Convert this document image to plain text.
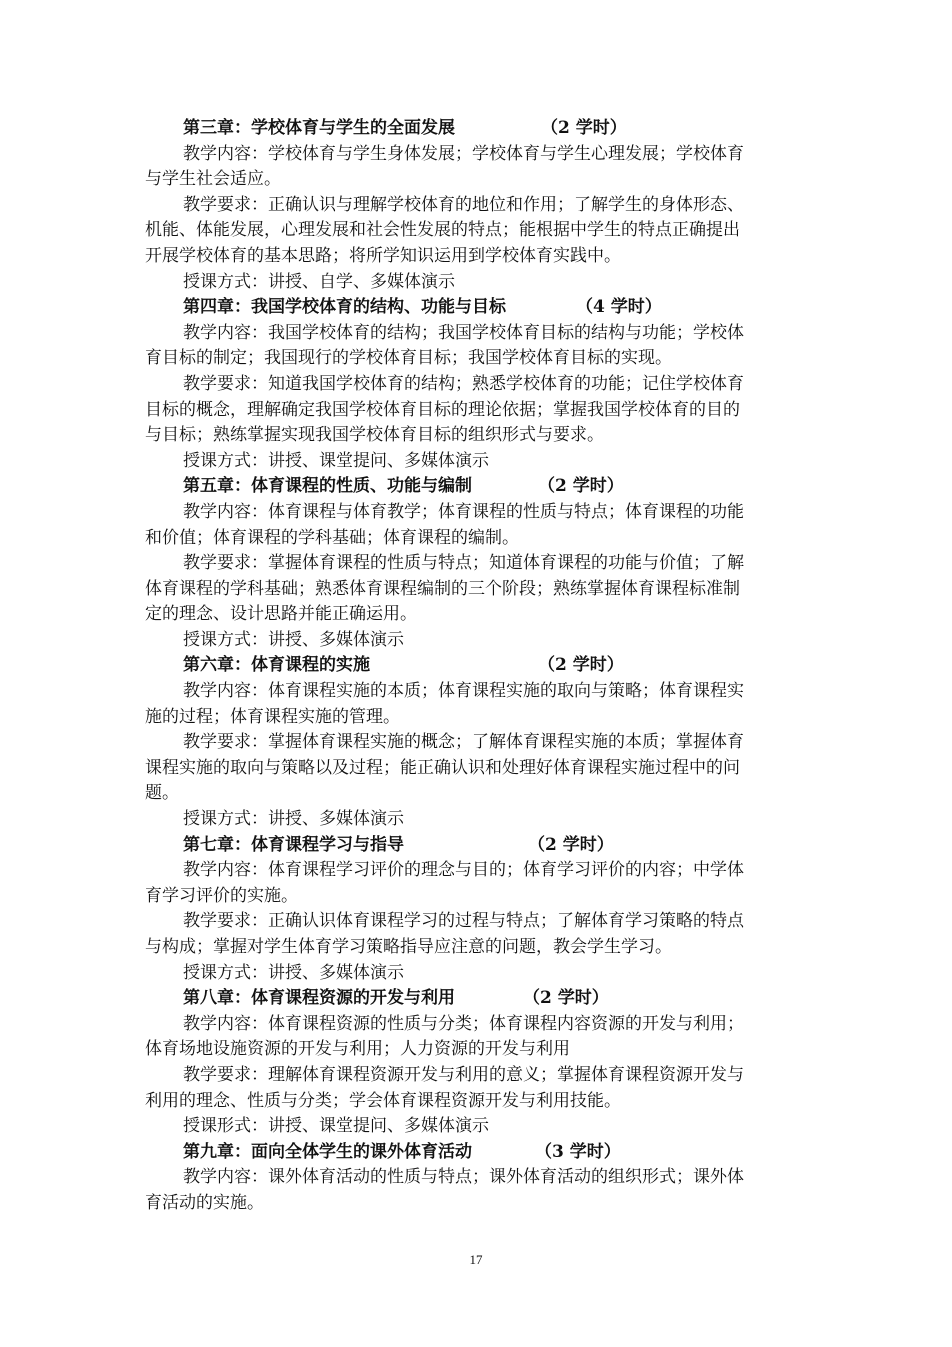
第三章：学校体育与学生的全面发展	（2 学时）
教学内容：学校体育与学生身体发展；学校体育与学生心理发展；学校体育
与学生社会适应。
教学要求：正确认识与理解学校体育的地位和作用；了解学生的身体形态、
机能、体能发展，心理发展和社会性发展的特点；能根据中学生的特点正确提出
开展学校体育的基本思路；将所学知识运用到学校体育实践中。
授课方式：讲授、自学、多媒体演示
第四章：我国学校体育的结构、功能与目标	（4 学时）
教学内容：我国学校体育的结构；我国学校体育目标的结构与功能；学校体
育目标的制定；我国现行的学校体育目标；我国学校体育目标的实现。
教学要求：知道我国学校体育的结构；熟悉学校体育的功能；记住学校体育
目标的概念，理解确定我国学校体育目标的理论依据；掌握我国学校体育的目的
与目标；熟练掌握实现我国学校体育目标的组织形式与要求。
授课方式：讲授、课堂提问、多媒体演示
第五章：体育课程的性质、功能与编制	（2 学时）
教学内容：体育课程与体育教学；体育课程的性质与特点；体育课程的功能
和价值；体育课程的学科基础；体育课程的编制。
教学要求：掌握体育课程的性质与特点；知道体育课程的功能与价值；了解
体育课程的学科基础；熟悉体育课程编制的三个阶段；熟练掌握体育课程标准制
定的理念、设计思路并能正确运用。
授课方式：讲授、多媒体演示
第六章：体育课程的实施	（2 学时）
教学内容：体育课程实施的本质；体育课程实施的取向与策略；体育课程实
施的过程；体育课程实施的管理。
教学要求：掌握体育课程实施的概念；了解体育课程实施的本质；掌握体育
课程实施的取向与策略以及过程；能正确认识和处理好体育课程实施过程中的问
题。
授课方式：讲授、多媒体演示
第七章：体育课程学习与指导	（2 学时）
教学内容：体育课程学习评价的理念与目的；体育学习评价的内容；中学体
育学习评价的实施。
教学要求：正确认识体育课程学习的过程与特点；了解体育学习策略的特点
与构成；掌握对学生体育学习策略指导应注意的问题，教会学生学习。
授课方式：讲授、多媒体演示
第八章：体育课程资源的开发与利用	（2 学时）
教学内容：体育课程资源的性质与分类；体育课程内容资源的开发与利用；
体育场地设施资源的开发与利用；人力资源的开发与利用
教学要求：理解体育课程资源开发与利用的意义；掌握体育课程资源开发与
利用的理念、性质与分类；学会体育课程资源开发与利用技能。
授课形式：讲授、课堂提问、多媒体演示
第九章：面向全体学生的课外体育活动	（3 学时）
教学内容：课外体育活动的性质与特点；课外体育活动的组织形式；课外体
育活动的实施。
17
